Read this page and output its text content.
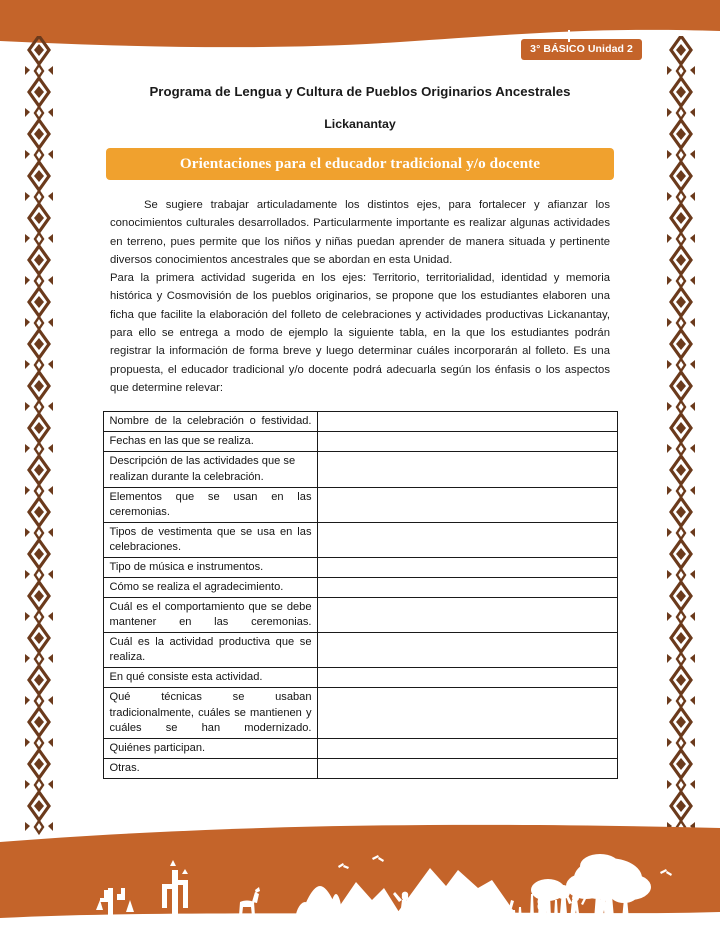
3° BÁSICO Unidad 2
Programa de Lengua y Cultura de Pueblos Originarios Ancestrales
Lickanantay
Orientaciones para el educador tradicional y/o docente

Se sugiere trabajar articuladamente los distintos ejes, para fortalecer y afianzar los conocimientos culturales desarrollados. Particularmente importante es realizar algunas actividades en terreno, pues permite que los niños y niñas puedan aprender de manera situada y pertinente diversos conocimientos ancestrales que se abordan en esta Unidad.

Para la primera actividad sugerida en los ejes: Territorio, territorialidad, identidad y memoria histórica y Cosmovisión de los pueblos originarios, se propone que los estudiantes elaboren una ficha que facilite la elaboración del folleto de celebraciones y actividades productivas Lickanantay, para ello se entrega a modo de ejemplo la siguiente tabla, en la que los estudiantes podrán registrar la información de forma breve y luego determinar cuáles incorporarán al folleto. Es una propuesta, el educador tradicional y/o docente podrá adecuarla según los énfasis o los aspectos que determine relevar:

Nombre de la celebración o festividad.	
Fechas en las que se realiza.	
Descripción de las actividades que se realizan durante la celebración.	
Elementos que se usan en las ceremonias.	
Tipos de vestimenta que se usa en las celebraciones.	
Tipo de música e instrumentos.	
Cómo se realiza el agradecimiento.	
Cuál es el comportamiento que se debe mantener en las ceremonias.	
Cuál es la actividad productiva que se realiza.	
En qué consiste esta actividad.	
Qué técnicas se usaban tradicionalmente, cuáles se mantienen y cuáles se han modernizado.	
Quiénes participan.	
Otras.	
